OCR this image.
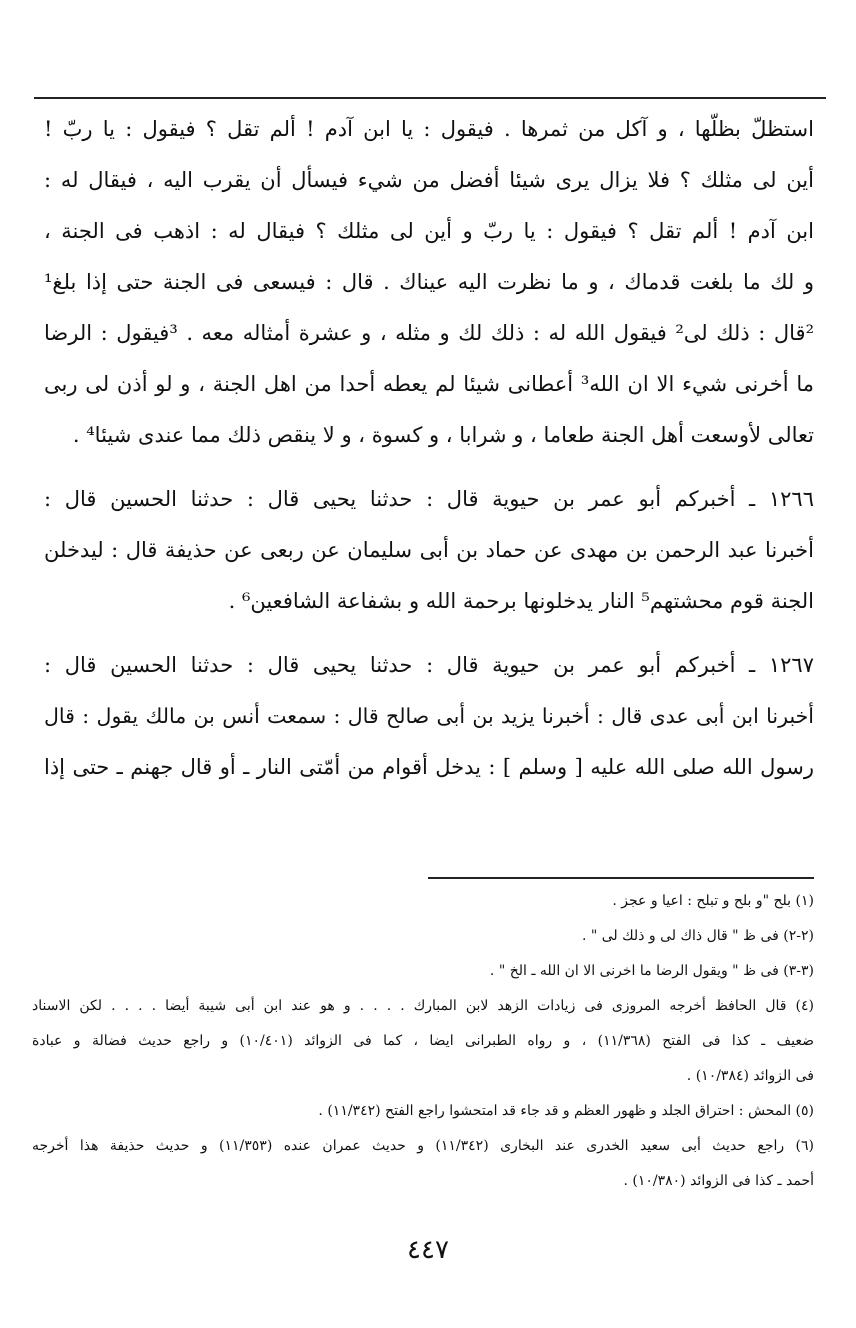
استظلّ بظلّها ، و آكل من ثمرها . فيقول : يا ابن آدم ! ألم تقل ؟ فيقول : يا ربّ !
أين لى مثلك ؟ فلا يزال يرى شيئا أفضل من شيء فيسأل أن يقرب اليه ، فيقال له :
ابن آدم ! ألم تقل ؟ فيقول : يا ربّ و أين لى مثلك ؟ فيقال له : اذهب فى الجنة ،
و لك ما بلغت قدماك ، و ما نظرت اليه عيناك . قال : فيسعى فى الجنة حتى إذا بلغ¹
²قال : ذلك لى² فيقول الله له : ذلك لك و مثله ، و عشرة أمثاله معه . ³فيقول : الرضا
ما أخرنى شيء الا ان الله³ أعطانى شيئا لم يعطه أحدا من اهل الجنة ، و لو أذن لى ربى
تعالى لأوسعت أهل الجنة طعاما ، و شرابا ، و كسوة ، و لا ينقص ذلك مما عندى شيئا⁴ .
١٢٦٦ ـ أخبركم أبو عمر بن حيوية قال : حدثنا يحيى قال : حدثنا الحسين قال :
أخبرنا عبد الرحمن بن مهدى عن حماد بن أبى سليمان عن ربعى عن حذيفة قال : ليدخلن
الجنة قوم محشتهم⁵ النار يدخلونها برحمة الله و بشفاعة الشافعين⁶ .
١٢٦٧ ـ أخبركم أبو عمر بن حيوية قال : حدثنا يحيى قال : حدثنا الحسين قال :
أخبرنا ابن أبى عدى قال : أخبرنا يزيد بن أبى صالح قال : سمعت أنس بن مالك يقول : قال
رسول الله صلى الله عليه [ وسلم ] : يدخل أقوام من أمّتى النار ـ أو قال جهنم ـ حتى إذا
(١) بلح "و بلح و تبلح : اعيا و عجز .
(٢-٢) فى ظ " قال ذاك لى و ذلك لى " .
(٣-٣) فى ظ " ويقول الرضا ما اخرنى الا ان الله ـ الخ " .
(٤) قال الحافظ أخرجه المروزى فى زيادات الزهد لابن المبارك . . . . و هو عند ابن أبى شيبة أيضا . . . . لكن الاسناد
ضعيف ـ كذا فى الفتح (١١/٣٦٨) ، و رواه الطبرانى ايضا ، كما فى الزوائد (١٠/٤٠١) و راجع حديث فضالة و عبادة
فى الزوائد (١٠/٣٨٤) .
(٥) المحش : احتراق الجلد و ظهور العظم و قد جاء قد امتحشوا راجع الفتح (١١/٣٤٢) .
(٦) راجع حديث أبى سعيد الخدرى عند البخارى (١١/٣٤٢) و حديث عمران عنده (١١/٣٥٣) و حديث حذيفة هذا أخرجه
أحمد ـ كذا فى الزوائد (١٠/٣٨٠) .
٤٤٧
